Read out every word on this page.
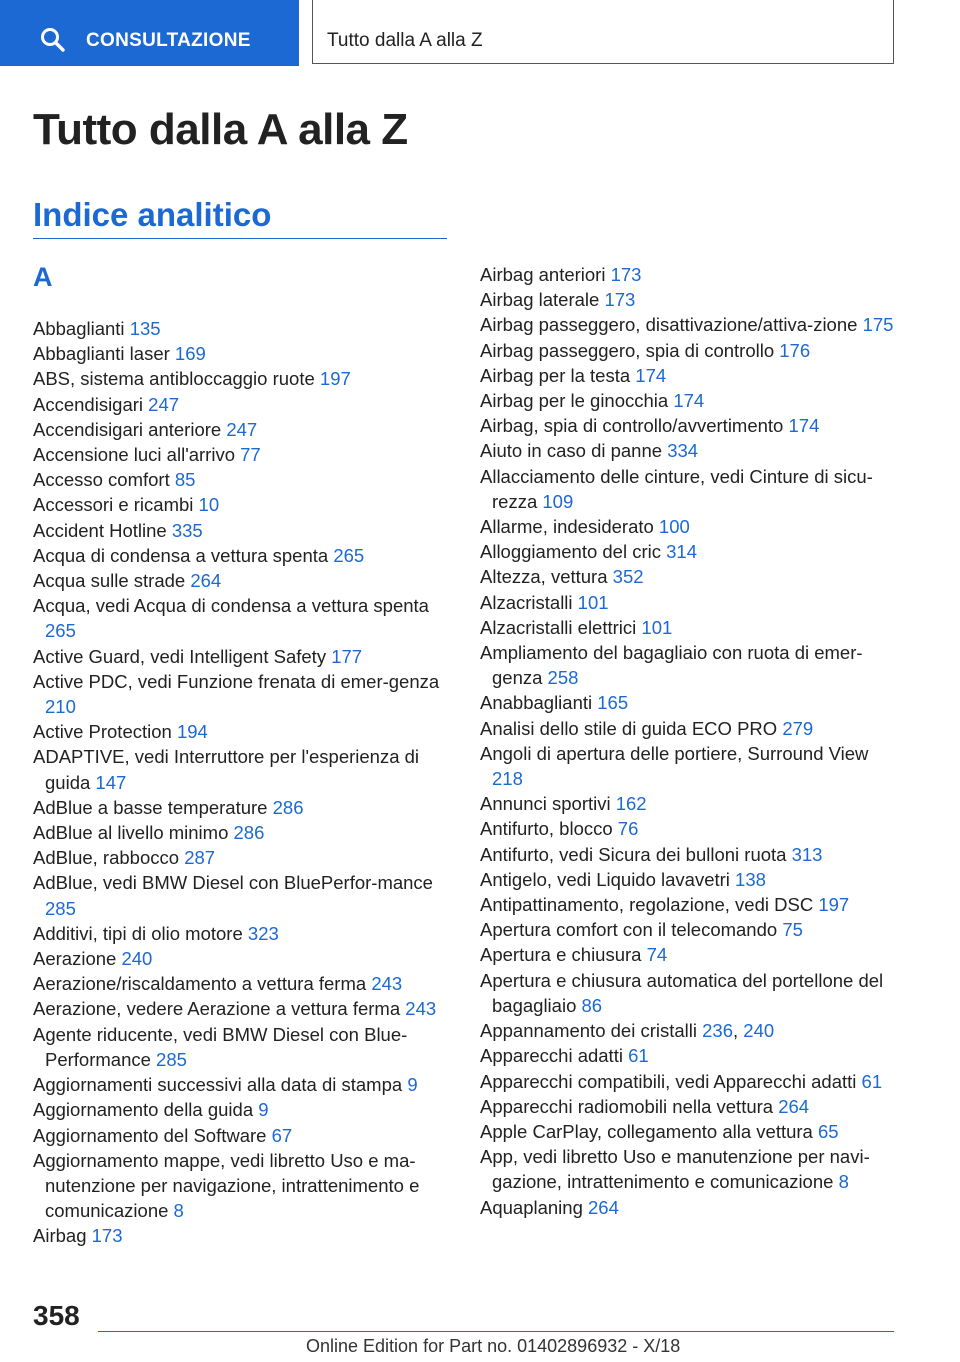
CONSULTAZIONE	Tutto dalla A alla Z
Tutto dalla A alla Z
Indice analitico
A
Abbaglianti 135
Abbaglianti laser 169
ABS, sistema antibloccaggio ruote 197
Accendisigari 247
Accendisigari anteriore 247
Accensione luci all'arrivo 77
Accesso comfort 85
Accessori e ricambi 10
Accident Hotline 335
Acqua di condensa a vettura spenta 265
Acqua sulle strade 264
Acqua, vedi Acqua di condensa a vettura spenta 265
Active Guard, vedi Intelligent Safety 177
Active PDC, vedi Funzione frenata di emer-genza 210
Active Protection 194
ADAPTIVE, vedi Interruttore per l'esperienza di guida 147
AdBlue a basse temperature 286
AdBlue al livello minimo 286
AdBlue, rabbocco 287
AdBlue, vedi BMW Diesel con BluePerfor-mance 285
Additivi, tipi di olio motore 323
Aerazione 240
Aerazione/riscaldamento a vettura ferma 243
Aerazione, vedere Aerazione a vettura ferma 243
Agente riducente, vedi BMW Diesel con Blue-Performance 285
Aggiornamenti successivi alla data di stampa 9
Aggiornamento della guida 9
Aggiornamento del Software 67
Aggiornamento mappe, vedi libretto Uso e ma-nutenzione per navigazione, intrattenimento e comunicazione 8
Airbag 173
Airbag anteriori 173
Airbag laterale 173
Airbag passeggero, disattivazione/attiva-zione 175
Airbag passeggero, spia di controllo 176
Airbag per la testa 174
Airbag per le ginocchia 174
Airbag, spia di controllo/avvertimento 174
Aiuto in caso di panne 334
Allacciamento delle cinture, vedi Cinture di sicu-rezza 109
Allarme, indesiderato 100
Alloggiamento del cric 314
Altezza, vettura 352
Alzacristalli 101
Alzacristalli elettrici 101
Ampliamento del bagagliaio con ruota di emer-genza 258
Anabbaglianti 165
Analisi dello stile di guida ECO PRO 279
Angoli di apertura delle portiere, Surround View 218
Annunci sportivi 162
Antifurto, blocco 76
Antifurto, vedi Sicura dei bulloni ruota 313
Antigelo, vedi Liquido lavavetri 138
Antipattinamento, regolazione, vedi DSC 197
Apertura comfort con il telecomando 75
Apertura e chiusura 74
Apertura e chiusura automatica del portellone del bagagliaio 86
Appannamento dei cristalli 236, 240
Apparecchi adatti 61
Apparecchi compatibili, vedi Apparecchi adatti 61
Apparecchi radiomobili nella vettura 264
Apple CarPlay, collegamento alla vettura 65
App, vedi libretto Uso e manutenzione per navi-gazione, intrattenimento e comunicazione 8
Aquaplaning 264
358
Online Edition for Part no. 01402896932 - X/18
